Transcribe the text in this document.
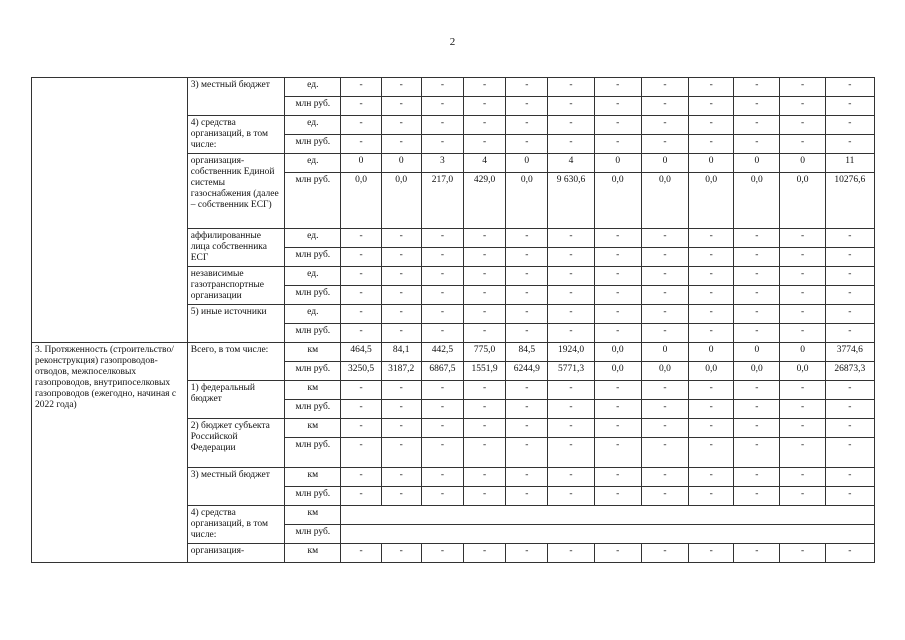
2
	3) местный бюджет	ед.	-	-	-	-	-	-	-	-	-	-	-	-
		млн руб.	-	-	-	-	-	-	-	-	-	-	-	-
	4) средства организаций, в том числе:	ед.	-	-	-	-	-	-	-	-	-	-	-	-
		млн руб.	-	-	-	-	-	-	-	-	-	-	-	-
	организация-собственник Единой системы газоснабжения (далее – собственник ЕСГ)	ед.	0	0	3	4	0	4	0	0	0	0	0	11
		млн руб.	0,0	0,0	217,0	429,0	0,0	9 630,6	0,0	0,0	0,0	0,0	0,0	10276,6
	аффилированные лица собственника ЕСГ	ед.	-	-	-	-	-	-	-	-	-	-	-	-
		млн руб.	-	-	-	-	-	-	-	-	-	-	-	-
	независимые газотранспортные организации	ед.	-	-	-	-	-	-	-	-	-	-	-	-
		млн руб.	-	-	-	-	-	-	-	-	-	-	-	-
	5) иные источники	ед.	-	-	-	-	-	-	-	-	-	-	-	-
		млн руб.	-	-	-	-	-	-	-	-	-	-	-	-
3. Протяженность (строительство/реконструкция) газопроводов-отводов, межпоселковых газопроводов, внутрипоселковых газопроводов (ежегодно, начиная с 2022 года)	Всего, в том числе:	км	464,5	84,1	442,5	775,0	84,5	1924,0	0,0	0	0	0	0	3774,6
		млн руб.	3250,5	3187,2	6867,5	1551,9	6244,9	5771,3	0,0	0,0	0,0	0,0	0,0	26873,3
	1) федеральный бюджет	км	-	-	-	-	-	-	-	-	-	-	-	-
		млн руб.	-	-	-	-	-	-	-	-	-	-	-	-
	2) бюджет субъекта Российской Федерации	км	-	-	-	-	-	-	-	-	-	-	-	-
		млн руб.	-	-	-	-	-	-	-	-	-	-	-	-
	3) местный бюджет	км	-	-	-	-	-	-	-	-	-	-	-	-
		млн руб.	-	-	-	-	-	-	-	-	-	-	-	-
	4) средства организаций, в том числе:	км												
		млн руб.												
	организация-	км	-	-	-	-	-	-	-	-	-	-	-	-
